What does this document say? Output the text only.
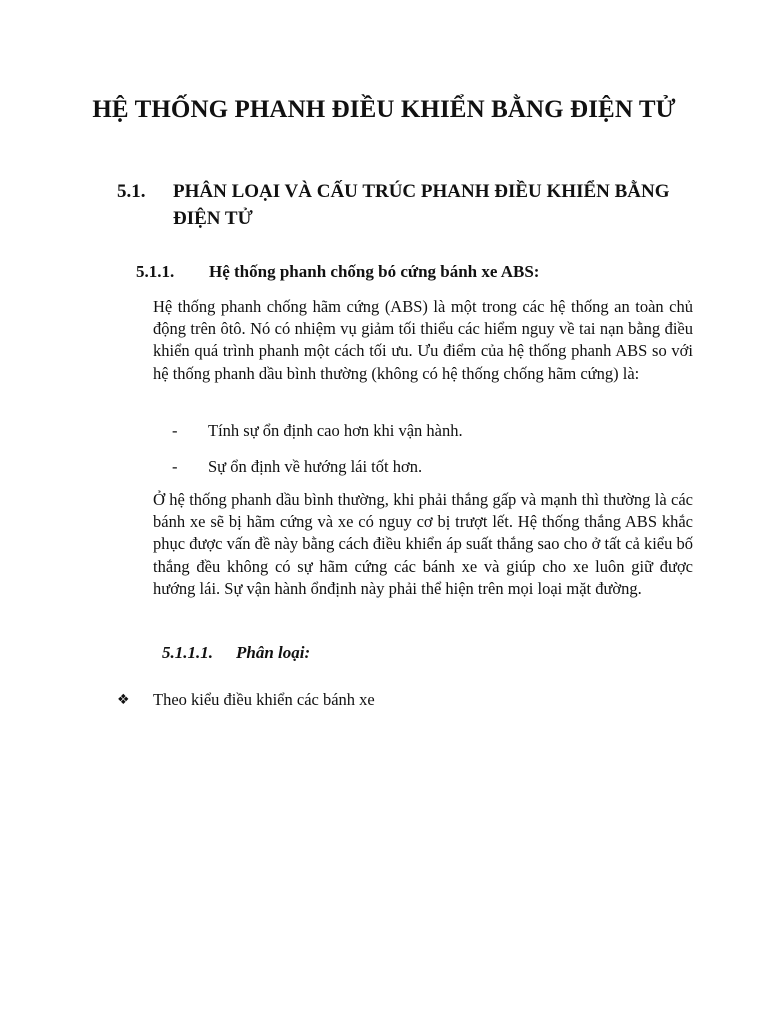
HỆ THỐNG PHANH ĐIỀU KHIỂN BẰNG ĐIỆN TỬ
5.1. PHÂN LOẠI VÀ CẤU TRÚC PHANH ĐIỀU KHIỂN BẰNG ĐIỆN TỬ
5.1.1. Hệ thống phanh chống bó cứng bánh xe ABS:

Hệ thống phanh chống hãm cứng (ABS) là một trong các hệ thống an toàn chủ động trên ôtô. Nó có nhiệm vụ giảm tối thiểu các hiểm nguy về tai nạn bằng điều khiển quá trình phanh một cách tối ưu. Ưu điểm của hệ thống phanh ABS so với hệ thống phanh dầu bình thường (không có hệ thống chống hãm cứng) là:

- Tính sự ổn định cao hơn khi vận hành.
- Sự ổn định về hướng lái tốt hơn.

Ở hệ thống phanh dầu bình thường, khi phải thắng gấp và mạnh thì thường là các bánh xe sẽ bị hãm cứng và xe có nguy cơ bị trượt lết. Hệ thống thắng ABS khắc phục được vấn đề này bằng cách điều khiển áp suất thắng sao cho ở tất cả kiểu bố thắng đều không có sự hãm cứng các bánh xe và giúp cho xe luôn giữ được hướng lái. Sự vận hành ổnđịnh này phải thể hiện trên mọi loại mặt đường.

5.1.1.1. Phân loại:
❖ Theo kiểu điều khiển các bánh xe
